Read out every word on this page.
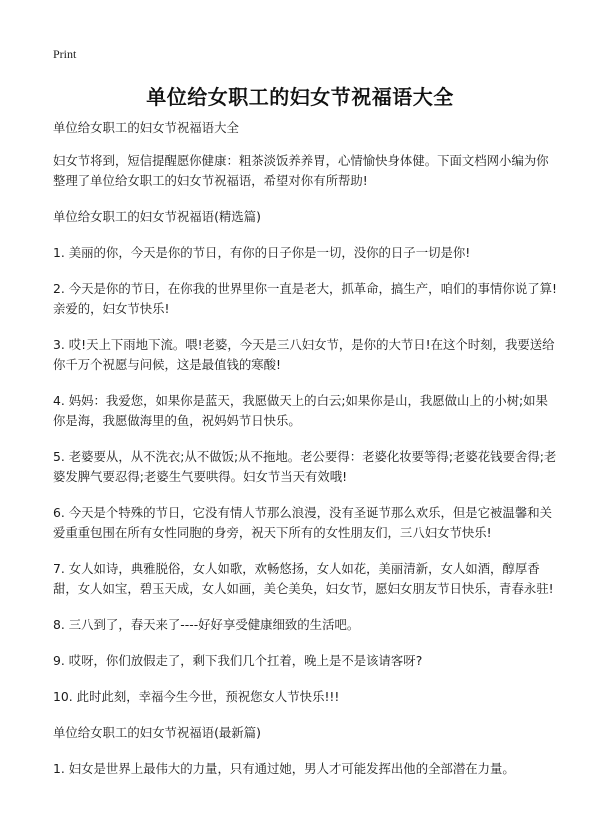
Print
单位给女职工的妇女节祝福语大全

单位给女职工的妇女节祝福语大全

妇女节将到，短信提醒愿你健康：粗茶淡饭养养胃，心情愉快身体健。下面文档网小编为你整理了单位给女职工的妇女节祝福语，希望对你有所帮助!

单位给女职工的妇女节祝福语(精选篇)

1. 美丽的你，今天是你的节日，有你的日子你是一切，没你的日子一切是你!

2. 今天是你的节日，在你我的世界里你一直是老大，抓革命，搞生产，咱们的事情你说了算!亲爱的，妇女节快乐!

3. 哎!天上下雨地下流。喂!老婆，今天是三八妇女节，是你的大节日!在这个时刻，我要送给你千万个祝愿与问候，这是最值钱的寒酸!

4. 妈妈：我爱您，如果你是蓝天，我愿做天上的白云;如果你是山，我愿做山上的小树;如果你是海，我愿做海里的鱼，祝妈妈节日快乐。

5. 老婆要从，从不洗衣;从不做饭;从不拖地。老公要得：老婆化妆要等得;老婆花钱要舍得;老婆发脾气要忍得;老婆生气要哄得。妇女节当天有效哦!

6. 今天是个特殊的节日，它没有情人节那么浪漫，没有圣诞节那么欢乐，但是它被温馨和关爱重重包围在所有女性同胞的身旁，祝天下所有的女性朋友们，三八妇女节快乐!

7. 女人如诗，典雅脱俗，女人如歌，欢畅悠扬，女人如花，美丽清新，女人如酒，醇厚香甜，女人如宝，碧玉天成，女人如画，美仑美奂，妇女节，愿妇女朋友节日快乐，青春永驻!

8. 三八到了，春天来了----好好享受健康细致的生活吧。

9. 哎呀，你们放假走了，剩下我们几个扛着，晚上是不是该请客呀?

10. 此时此刻，幸福今生今世，预祝您女人节快乐!!!

单位给女职工的妇女节祝福语(最新篇)

1. 妇女是世界上最伟大的力量，只有通过她，男人才可能发挥出他的全部潜在力量。
